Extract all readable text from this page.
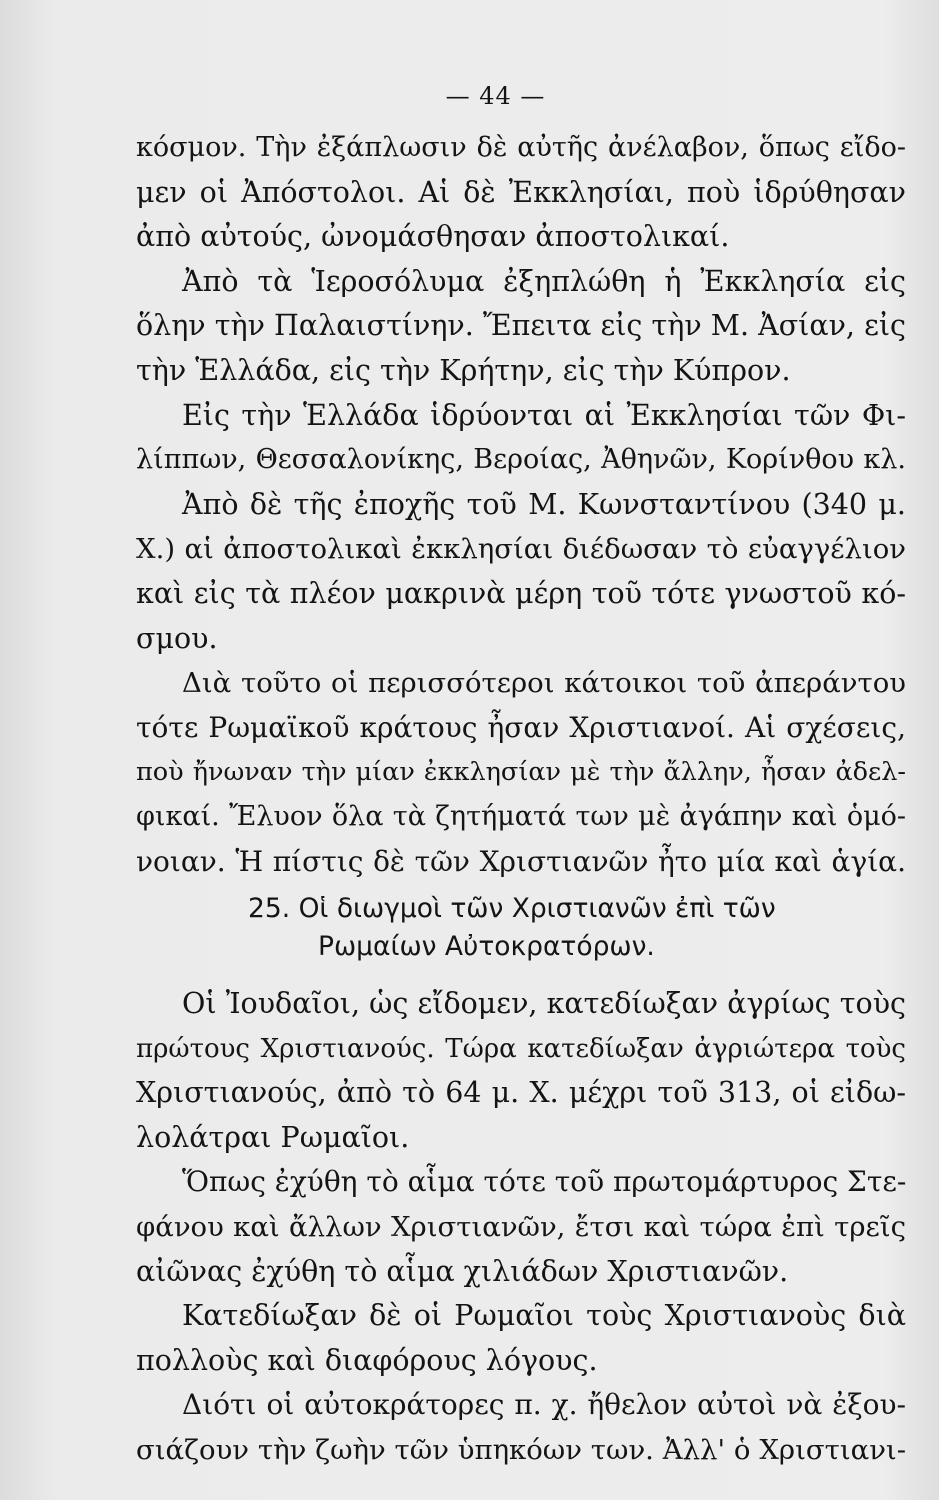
— 44 —
κόσμον. Τὴν ἐξάπλωσιν δὲ αὐτῆς ἀνέλαβον, ὅπως εἴδο-
μεν οἱ Ἀπόστολοι. Αἱ δὲ Ἐκκλησίαι, ποὺ ἱδρύθησαν
ἀπὸ αὐτούς, ὠνομάσθησαν ἀποστολικαί.
Ἀπὸ τὰ Ἱεροσόλυμα ἐξηπλώθη ἡ Ἐκκλησία εἰς
ὅλην τὴν Παλαιστίνην. Ἔπειτα εἰς τὴν Μ. Ἀσίαν, εἰς
τὴν Ἑλλάδα, εἰς τὴν Κρήτην, εἰς τὴν Κύπρον.
Εἰς τὴν Ἑλλάδα ἱδρύονται αἱ Ἐκκλησίαι τῶν Φι-
λίππων, Θεσσαλονίκης, Βεροίας, Ἀθηνῶν, Κορίνθου κλ.
Ἀπὸ δὲ τῆς ἐποχῆς τοῦ Μ. Κωνσταντίνου (340 μ.
Χ.) αἱ ἀποστολικαὶ ἐκκλησίαι διέδωσαν τὸ εὐαγγέλιον
καὶ εἰς τὰ πλέον μακρινὰ μέρη τοῦ τότε γνωστοῦ κό-
σμου.
Διὰ τοῦτο οἱ περισσότεροι κάτοικοι τοῦ ἀπεράντου
τότε Ρωμαϊκοῦ κράτους ἦσαν Χριστιανοί. Αἱ σχέσεις,
ποὺ ἤνωναν τὴν μίαν ἐκκλησίαν μὲ τὴν ἄλλην, ἦσαν ἀδελ-
φικαί. Ἔλυον ὅλα τὰ ζητήματά των μὲ ἀγάπην καὶ ὁμό-
νοιαν. Ἡ πίστις δὲ τῶν Χριστιανῶν ἦτο μία καὶ ἁγία.
25. Οἱ διωγμοὶ τῶν Χριστιανῶν ἐπὶ τῶν
Ρωμαίων Αὐτοκρατόρων.
Οἱ Ἰουδαῖοι, ὡς εἴδομεν, κατεδίωξαν ἀγρίως τοὺς
πρώτους Χριστιανούς. Τώρα κατεδίωξαν ἀγριώτερα τοὺς
Χριστιανούς, ἀπὸ τὸ 64 μ. Χ. μέχρι τοῦ 313, οἱ εἰδω-
λολάτραι Ρωμαῖοι.
Ὅπως ἐχύθη τὸ αἷμα τότε τοῦ πρωτομάρτυρος Στε-
φάνου καὶ ἄλλων Χριστιανῶν, ἔτσι καὶ τώρα ἐπὶ τρεῖς
αἰῶνας ἐχύθη τὸ αἷμα χιλιάδων Χριστιανῶν.
Κατεδίωξαν δὲ οἱ Ρωμαῖοι τοὺς Χριστιανοὺς διὰ
πολλοὺς καὶ διαφόρους λόγους.
Διότι οἱ αὐτοκράτορες π. χ. ἤθελον αὐτοὶ νὰ ἐξου-
σιάζουν τὴν ζωὴν τῶν ὑπηκόων των. Ἀλλ' ὁ Χριστιανι-
